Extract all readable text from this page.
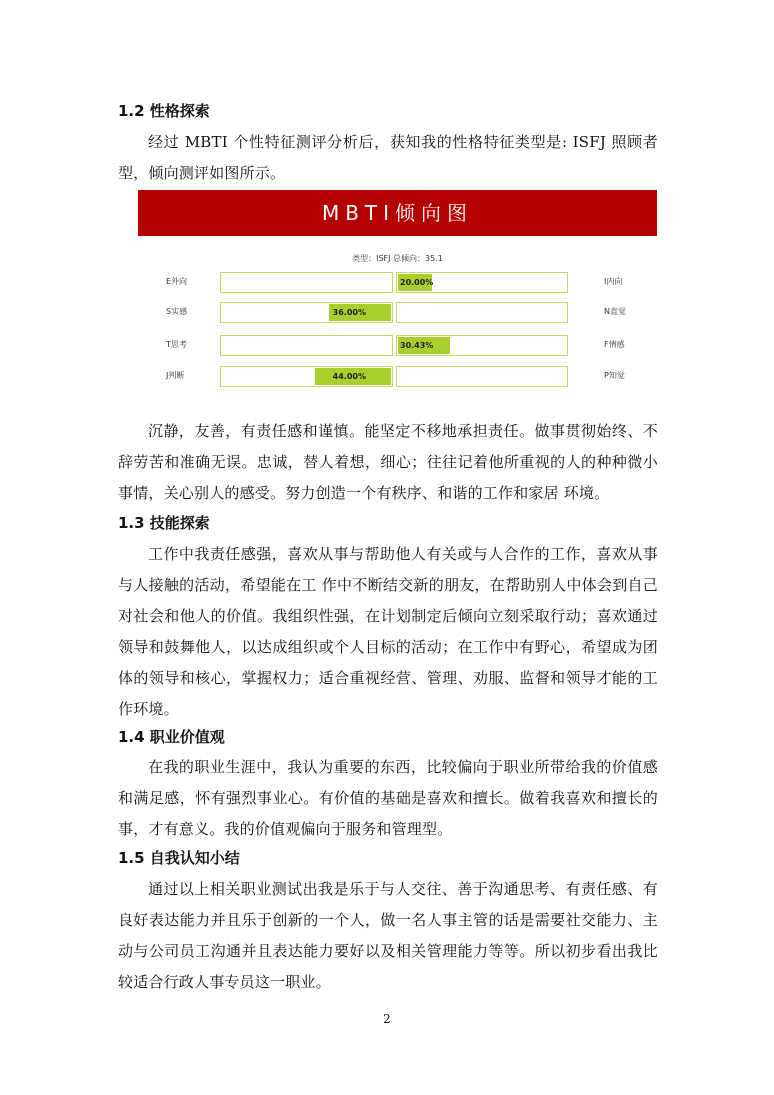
1.2 性格探索
经过 MBTI 个性特征测评分析后，获知我的性格特征类型是: ISFJ 照顾者型，倾向测评如图所示。
MBTI倾向图
类型：ISFJ 总倾向：35.1
E外向	I内向
20.00%
S实感	N直觉
36.00%
T思考	F情感
30.43%
J判断	P知觉
44.00%
沉静，友善，有责任感和谨慎。能坚定不移地承担责任。做事贯彻始终、不辞劳苦和准确无误。忠诚，替人着想，细心；往往记着他所重视的人的种种微小事情，关心别人的感受。努力创造一个有秩序、和谐的工作和家居 环境。
1.3 技能探索
工作中我责任感强，喜欢从事与帮助他人有关或与人合作的工作，喜欢从事与人接触的活动，希望能在工 作中不断结交新的朋友，在帮助别人中体会到自己对社会和他人的价值。我组织性强，在计划制定后倾向立刻采取行动；喜欢通过领导和鼓舞他人，以达成组织或个人目标的活动；在工作中有野心，希望成为团体的领导和核心，掌握权力；适合重视经营、管理、劝服、监督和领导才能的工作环境。
1.4 职业价值观
在我的职业生涯中，我认为重要的东西，比较偏向于职业所带给我的价值感和满足感，怀有强烈事业心。有价值的基础是喜欢和擅长。做着我喜欢和擅长的事，才有意义。我的价值观偏向于服务和管理型。
1.5 自我认知小结
通过以上相关职业测试出我是乐于与人交往、善于沟通思考、有责任感、有良好表达能力并且乐于创新的一个人，做一名人事主管的话是需要社交能力、主动与公司员工沟通并且表达能力要好以及相关管理能力等等。所以初步看出我比较适合行政人事专员这一职业。
2
